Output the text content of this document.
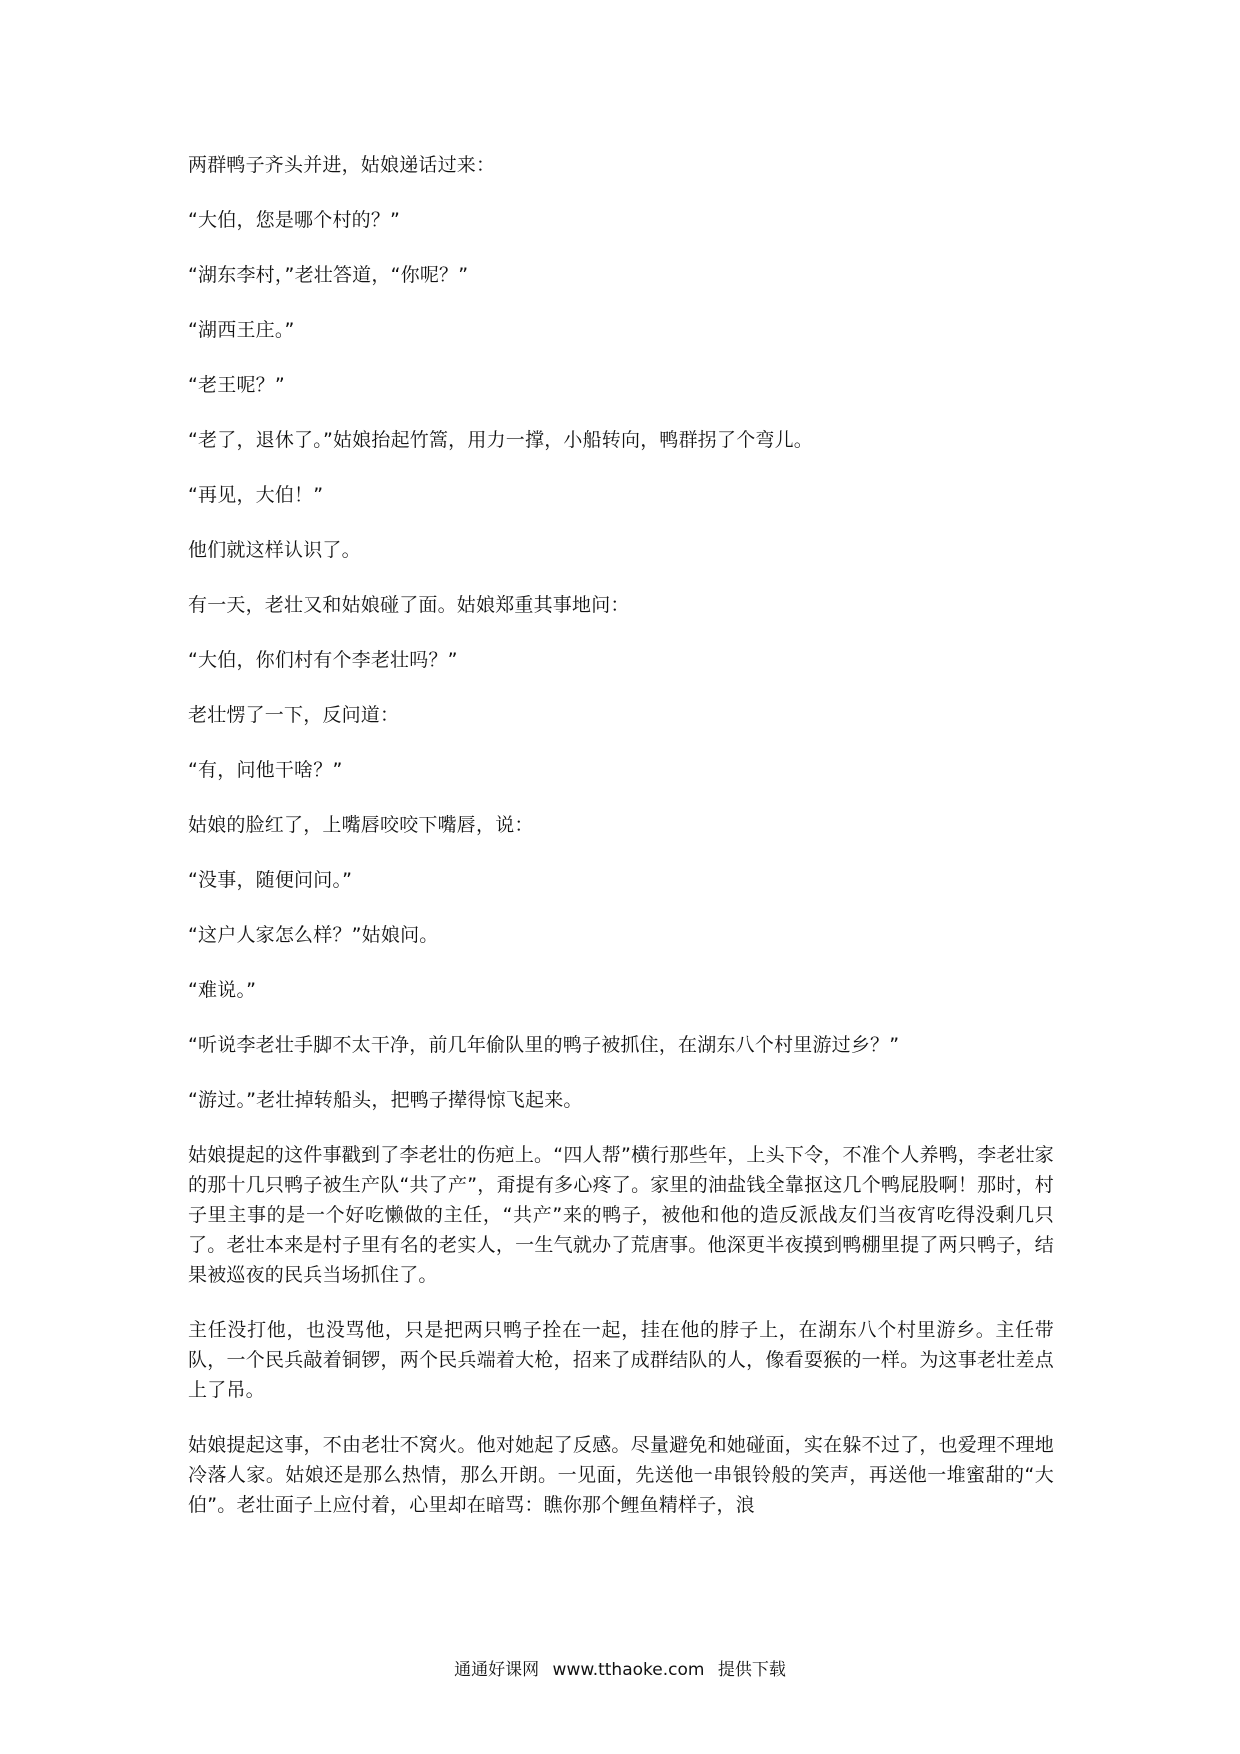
两群鸭子齐头并进，姑娘递话过来：

“大伯，您是哪个村的？”

“湖东李村，”老壮答道，“你呢？”

“湖西王庄。”

“老王呢？”

“老了，退休了。”姑娘抬起竹篙，用力一撑，小船转向，鸭群拐了个弯儿。

“再见，大伯！”

他们就这样认识了。

有一天，老壮又和姑娘碰了面。姑娘郑重其事地问：

“大伯，你们村有个李老壮吗？”

老壮愣了一下，反问道：

“有，问他干啥？”

姑娘的脸红了，上嘴唇咬咬下嘴唇，说：

“没事，随便问问。”

“这户人家怎么样？”姑娘问。

“难说。”

“听说李老壮手脚不太干净，前几年偷队里的鸭子被抓住，在湖东八个村里游过乡？”

“游过。”老壮掉转船头，把鸭子撵得惊飞起来。

姑娘提起的这件事戳到了李老壮的伤疤上。“四人帮”横行那些年，上头下令，不准个人养鸭，李老壮家的那十几只鸭子被生产队“共了产”，甭提有多心疼了。家里的油盐钱全靠抠这几个鸭屁股啊！那时，村子里主事的是一个好吃懒做的主任，“共产”来的鸭子，被他和他的造反派战友们当夜宵吃得没剩几只了。老壮本来是村子里有名的老实人，一生气就办了荒唐事。他深更半夜摸到鸭棚里提了两只鸭子，结果被巡夜的民兵当场抓住了。

主任没打他，也没骂他，只是把两只鸭子拴在一起，挂在他的脖子上，在湖东八个村里游乡。主任带队，一个民兵敲着铜锣，两个民兵端着大枪，招来了成群结队的人，像看耍猴的一样。为这事老壮差点上了吊。

姑娘提起这事，不由老壮不窝火。他对她起了反感。尽量避免和她碰面，实在躲不过了，也爱理不理地冷落人家。姑娘还是那么热情，那么开朗。一见面，先送他一串银铃般的笑声，再送他一堆蜜甜的“大伯”。老壮面子上应付着，心里却在暗骂：瞧你那个鲤鱼精样子，浪

通通好课网 www.tthaoke.com 提供下载
